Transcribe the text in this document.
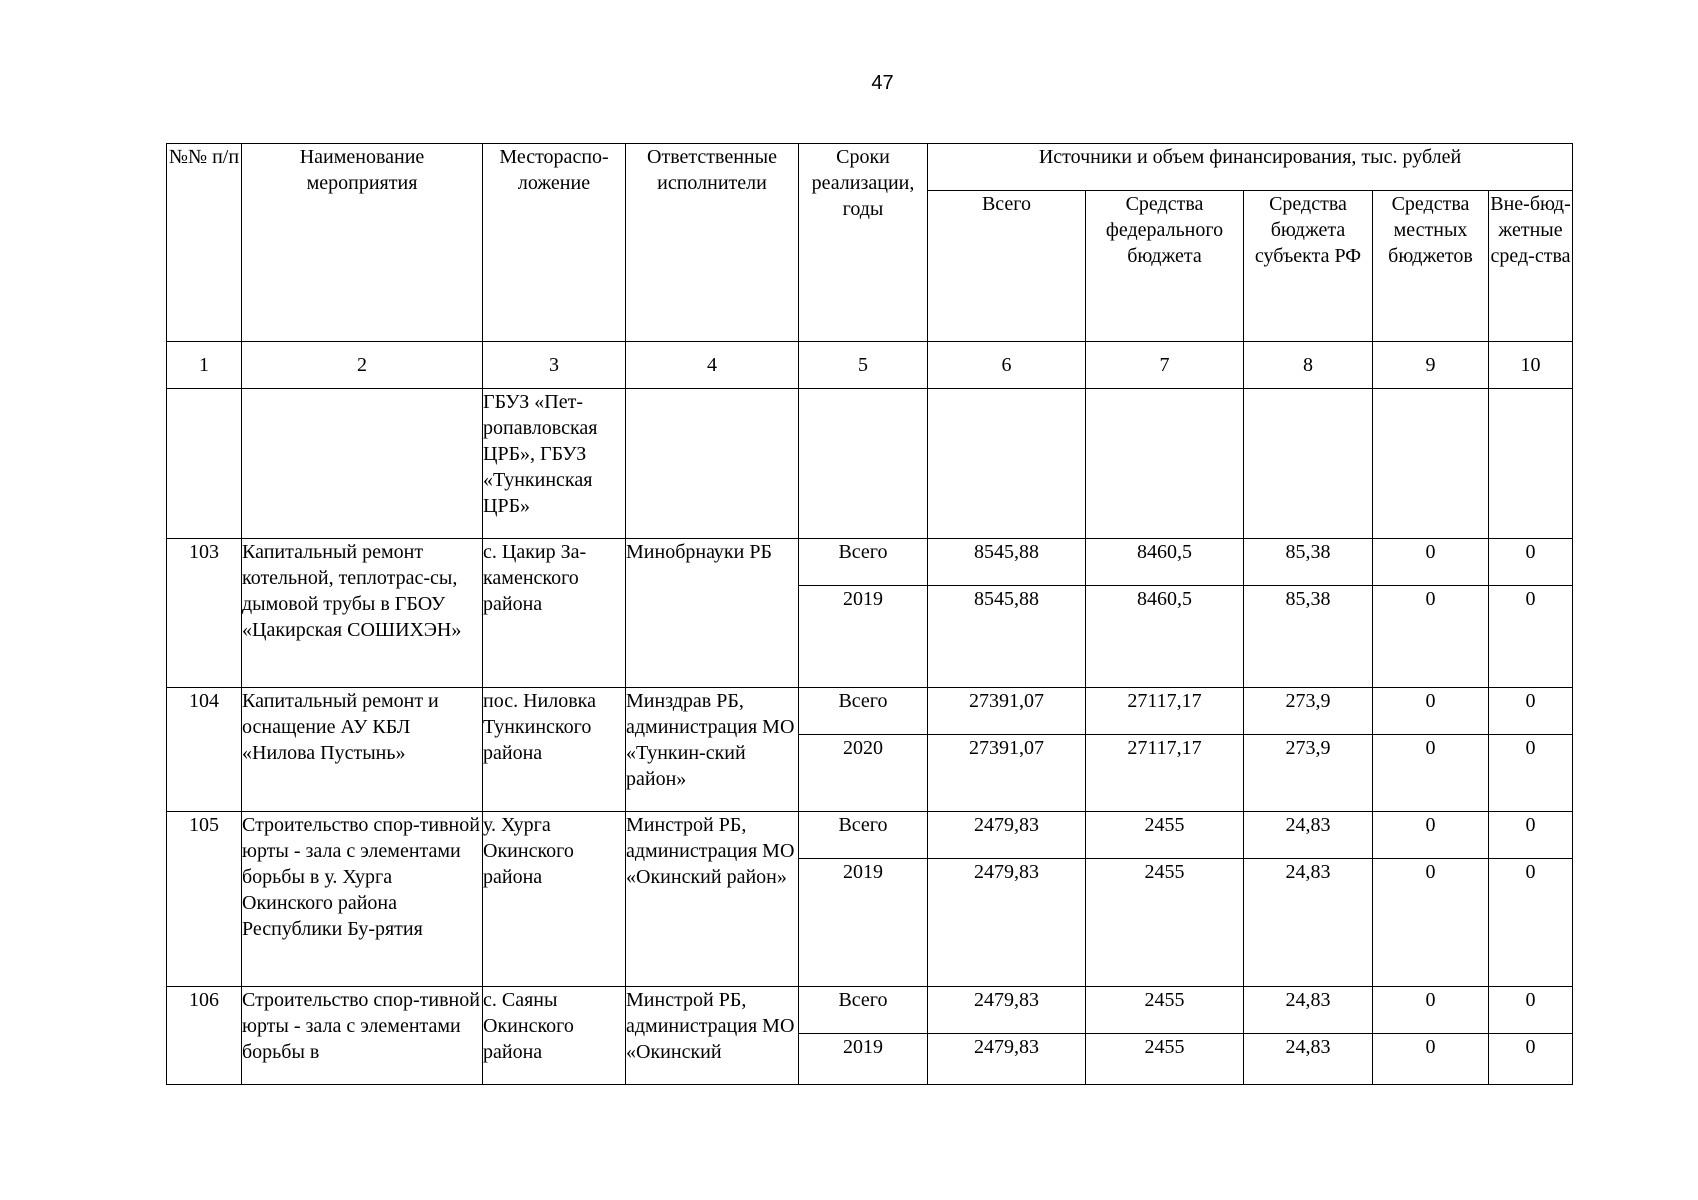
47
№№ п/п	Наименование мероприятия	Местораспо-ложение	Ответственные исполнители	Сроки реализации, годы	Источники и объем финансирования, тыс. рублей				
					Всего	Средства федерального бюджета	Средства бюджета субъекта РФ	Средства местных бюджетов	Вне-бюд-жетные сред-ства
1	2	3	4	5	6	7	8	9	10
		ГБУЗ «Пет-ропавловская ЦРБ», ГБУЗ «Тункинская ЦРБ»							
103	Капитальный ремонт котельной, теплотрас-сы, дымовой трубы в ГБОУ «Цакирская СОШИХЭН»	с. Цакир За-каменского района	Минобрнауки РБ	Всего	8545,88	8460,5	85,38	0	0
				2019	8545,88	8460,5	85,38	0	0
104	Капитальный ремонт и оснащение АУ КБЛ «Нилова Пустынь»	пос. Ниловка Тункинского района	Минздрав РБ, администрация МО «Тункин-ский район»	Всего	27391,07	27117,17	273,9	0	0
				2020	27391,07	27117,17	273,9	0	0
105	Строительство спор-тивной юрты - зала с элементами борьбы в у. Хурга Окинского района Республики Бу-рятия	у. Хурга Окинского района	Минстрой РБ, администрация МО «Окинский район»	Всего	2479,83	2455	24,83	0	0
				2019	2479,83	2455	24,83	0	0
106	Строительство спор-тивной юрты - зала с элементами борьбы в	с. Саяны Окинского района	Минстрой РБ, администрация МО «Окинский	Всего	2479,83	2455	24,83	0	0
				2019	2479,83	2455	24,83	0	0
